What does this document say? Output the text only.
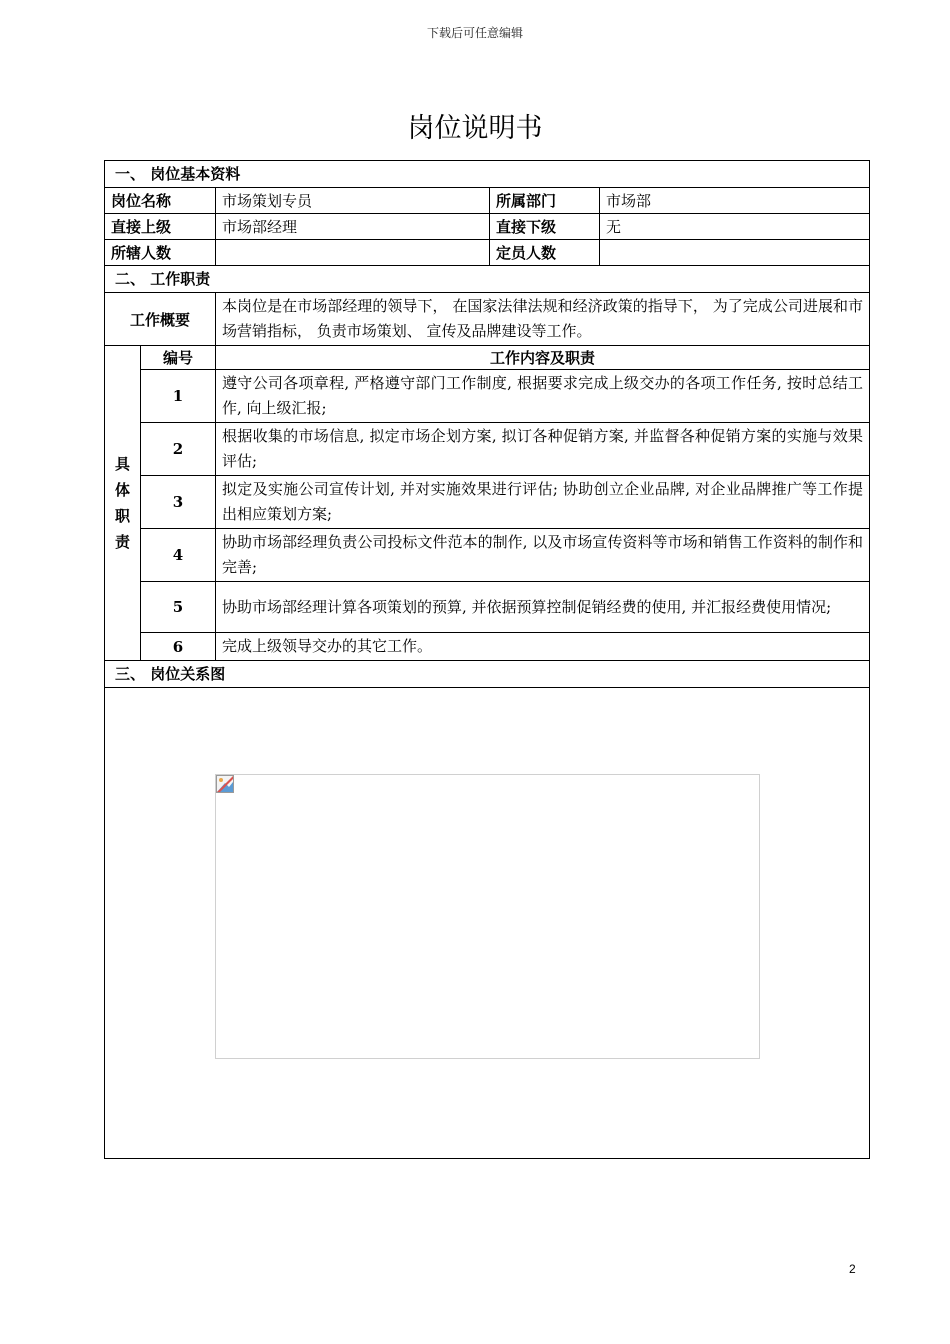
下载后可任意编辑
岗位说明书
一、 岗位基本资料				
岗位名称		市场策划专员	所属部门	市场部
直接上级		市场部经理	直接下级	无
所辖人数			定员人数	
二、 工作职责				
工作概要		本岗位是在市场部经理的领导下， 在国家法律法规和经济政策的指导下， 为了完成公司进展和市场营销指标， 负责市场策划、 宣传及品牌建设等工作。		
具体职责	编号	工作内容及职责		
	1	遵守公司各项章程, 严格遵守部门工作制度, 根据要求完成上级交办的各项工作任务, 按时总结工作, 向上级汇报;		
	2	根据收集的市场信息, 拟定市场企划方案, 拟订各种促销方案, 并监督各种促销方案的实施与效果评估;		
	3	拟定及实施公司宣传计划, 并对实施效果进行评估; 协助创立企业品牌, 对企业品牌推广等工作提出相应策划方案;		
	4	协助市场部经理负责公司投标文件范本的制作, 以及市场宣传资料等市场和销售工作资料的制作和完善;		
	5	协助市场部经理计算各项策划的预算, 并依据预算控制促销经费的使用, 并汇报经费使用情况;		
	6	完成上级领导交办的其它工作。		
三、 岗位关系图				

2
